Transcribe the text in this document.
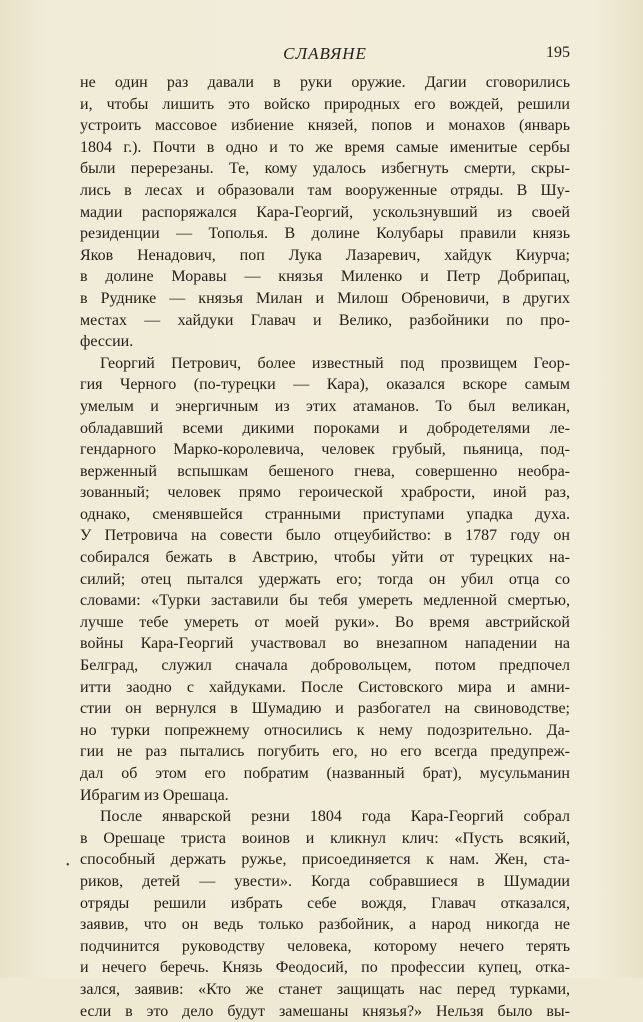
СЛАВЯНЕ	195
не один раз давали в руки оружие. Дагии сговорились
и, чтобы лишить это войско природных его вождей, решили
устроить массовое избиение князей, попов и монахов (январь
1804 г.). Почти в одно и то же время самые именитые сербы
были перерезаны. Те, кому удалось избегнуть смерти, скры-
лись в лесах и образовали там вооруженные отряды. В Шу-
мадии распоряжался Кара-Георгий, ускользнувший из своей
резиденции — Тополья. В долине Колубары правили князь
Яков Ненадович, поп Лука Лазаревич, хайдук Киурча;
в долине Моравы — князья Миленко и Петр Добрипац,
в Руднике — князья Милан и Милош Обреновичи, в других
местах — хайдуки Главач и Велико, разбойники по про-
фессии.
Георгий Петрович, более известный под прозвищем Геор-
гия Черного (по-турецки — Кара), оказался вскоре самым
умелым и энергичным из этих атаманов. То был великан,
обладавший всеми дикими пороками и добродетелями ле-
гендарного Марко-королевича, человек грубый, пьяница, под-
верженный вспышкам бешеного гнева, совершенно необра-
зованный; человек прямо героической храбрости, иной раз,
однако, сменявшейся странными приступами упадка духа.
У Петровича на совести было отцеубийство: в 1787 году он
собирался бежать в Австрию, чтобы уйти от турецких на-
силий; отец пытался удержать его; тогда он убил отца со
словами: «Турки заставили бы тебя умереть медленной смертью,
лучше тебе умереть от моей руки». Во время австрийской
войны Кара-Георгий участвовал во внезапном нападении на
Белград, служил сначала добровольцем, потом предпочел
итти заодно с хайдуками. После Систовского мира и амни-
стии он вернулся в Шумадию и разбогател на свиноводстве;
но турки попрежнему относились к нему подозрительно. Да-
гии не раз пытались погубить его, но его всегда предупреж-
дал об этом его побратим (названный брат), мусульманин
Ибрагим из Орешаца.
После январской резни 1804 года Кара-Георгий собрал
в Орешаце триста воинов и кликнул клич: «Пусть всякий,
способный держать ружье, присоединяется к нам. Жен, ста-
риков, детей — увести». Когда собравшиеся в Шумадии
отряды решили избрать себе вождя, Главач отказался,
заявив, что он ведь только разбойник, а народ никогда не
подчинится руководству человека, которому нечего терять
и нечего беречь. Князь Феодосий, по профессии купец, отка-
зался, заявив: «Кто же станет защищать нас перед турками,
если в это дело будут замешаны князья?» Нельзя было вы-
•
